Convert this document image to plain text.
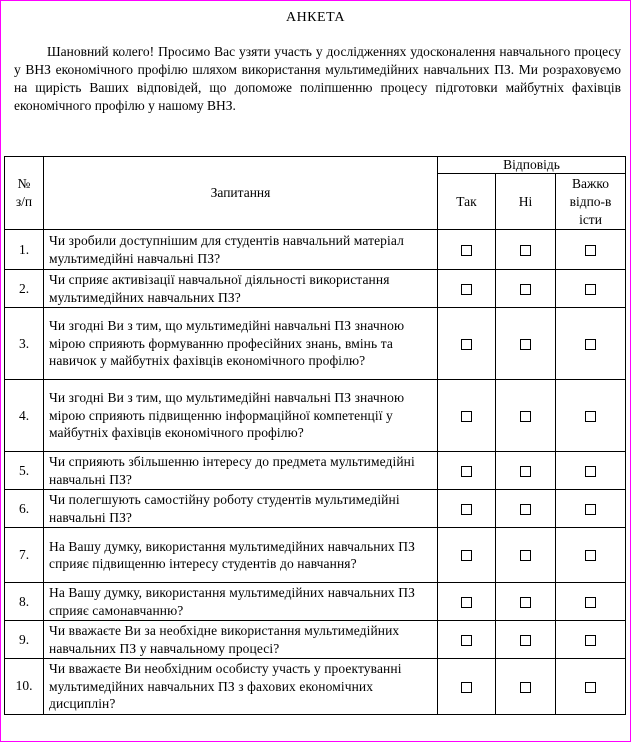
АНКЕТА

Шановний колего! Просимо Вас узяти участь у дослідженнях удосконалення навчального процесу у ВНЗ економічного профілю шляхом використання мультимедійних навчальних ПЗ. Ми розраховуємо на щирість Ваших відповідей, що допоможе поліпшенню процесу підготовки майбутніх фахівців економічного профілю у нашому ВНЗ.

№ з/п	Запитання	Відповідь		
		Так	Ні	Важко відпо-вісти
1.	Чи зробили доступнішим для студентів навчальний матеріал мультимедійні навчальні ПЗ?			
2.	Чи сприяє активізації навчальної діяльності використання мультимедійних навчальних ПЗ?			
3.	Чи згодні Ви з тим, що мультимедійні навчальні ПЗ значною мірою сприяють формуванню професійних знань, вмінь та навичок у майбутніх фахівців економічного профілю?			
4.	Чи згодні Ви з тим, що мультимедійні навчальні ПЗ значною мірою сприяють підвищенню інформаційної компетенції у майбутніх фахівців економічного профілю?			
5.	Чи сприяють збільшенню інтересу до предмета мультимедійні навчальні ПЗ?			
6.	Чи полегшують самостійну роботу студентів мультимедійні навчальні ПЗ?			
7.	На Вашу думку, використання мультимедійних навчальних ПЗ сприяє підвищенню інтересу студентів до навчання?			
8.	На Вашу думку, використання мультимедійних навчальних ПЗ сприяє самонавчанню?			
9.	Чи вважаєте Ви за необхідне використання мультимедійних навчальних ПЗ у навчальному процесі?			
10.	Чи вважаєте Ви необхідним особисту участь у проектуванні мультимедійних навчальних ПЗ з фахових економічних дисциплін?			
